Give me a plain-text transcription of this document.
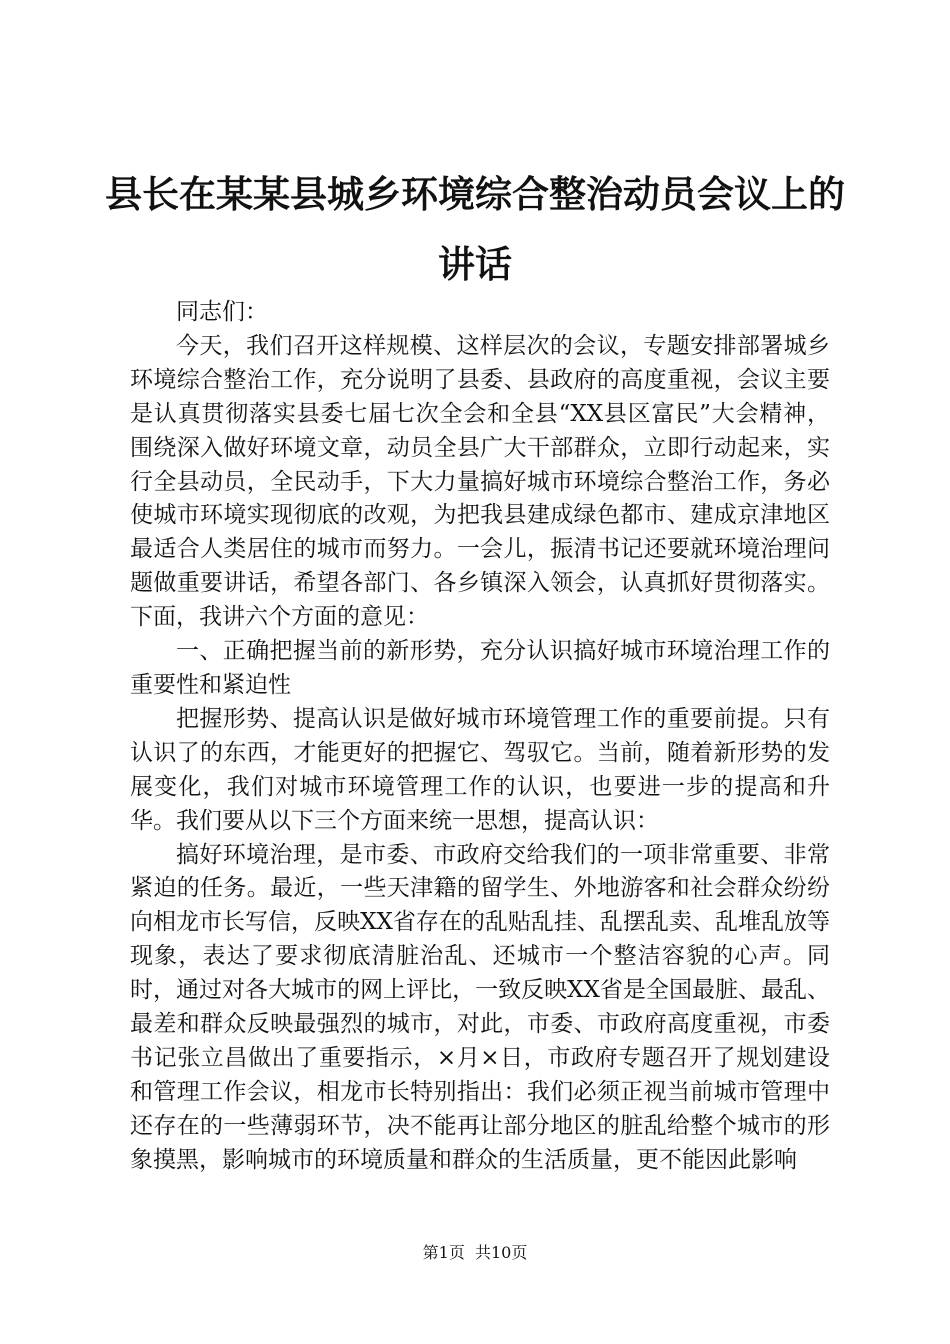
县长在某某县城乡环境综合整治动员会议上的
讲话

同志们：

今天，我们召开这样规模、这样层次的会议，专题安排部署城乡环境综合整治工作，充分说明了县委、县政府的高度重视，会议主要是认真贯彻落实县委七届七次全会和全县“XX县区富民”大会精神，围绕深入做好环境文章，动员全县广大干部群众，立即行动起来，实行全县动员，全民动手，下大力量搞好城市环境综合整治工作，务必使城市环境实现彻底的改观，为把我县建成绿色都市、建成京津地区最适合人类居住的城市而努力。一会儿，振清书记还要就环境治理问题做重要讲话，希望各部门、各乡镇深入领会，认真抓好贯彻落实。下面，我讲六个方面的意见：

一、正确把握当前的新形势，充分认识搞好城市环境治理工作的重要性和紧迫性

把握形势、提高认识是做好城市环境管理工作的重要前提。只有认识了的东西，才能更好的把握它、驾驭它。当前，随着新形势的发展变化，我们对城市环境管理工作的认识，也要进一步的提高和升华。我们要从以下三个方面来统一思想，提高认识：

搞好环境治理，是市委、市政府交给我们的一项非常重要、非常紧迫的任务。最近，一些天津籍的留学生、外地游客和社会群众纷纷向相龙市长写信，反映XX省存在的乱贴乱挂、乱摆乱卖、乱堆乱放等现象，表达了要求彻底清脏治乱、还城市一个整洁容貌的心声。同时，通过对各大城市的网上评比，一致反映XX省是全国最脏、最乱、最差和群众反映最强烈的城市，对此，市委、市政府高度重视，市委书记张立昌做出了重要指示，×月×日，市政府专题召开了规划建设和管理工作会议，相龙市长特别指出：我们必须正视当前城市管理中还存在的一些薄弱环节，决不能再让部分地区的脏乱给整个城市的形象摸黑，影响城市的环境质量和群众的生活质量，更不能因此影响

第1页  共10页
